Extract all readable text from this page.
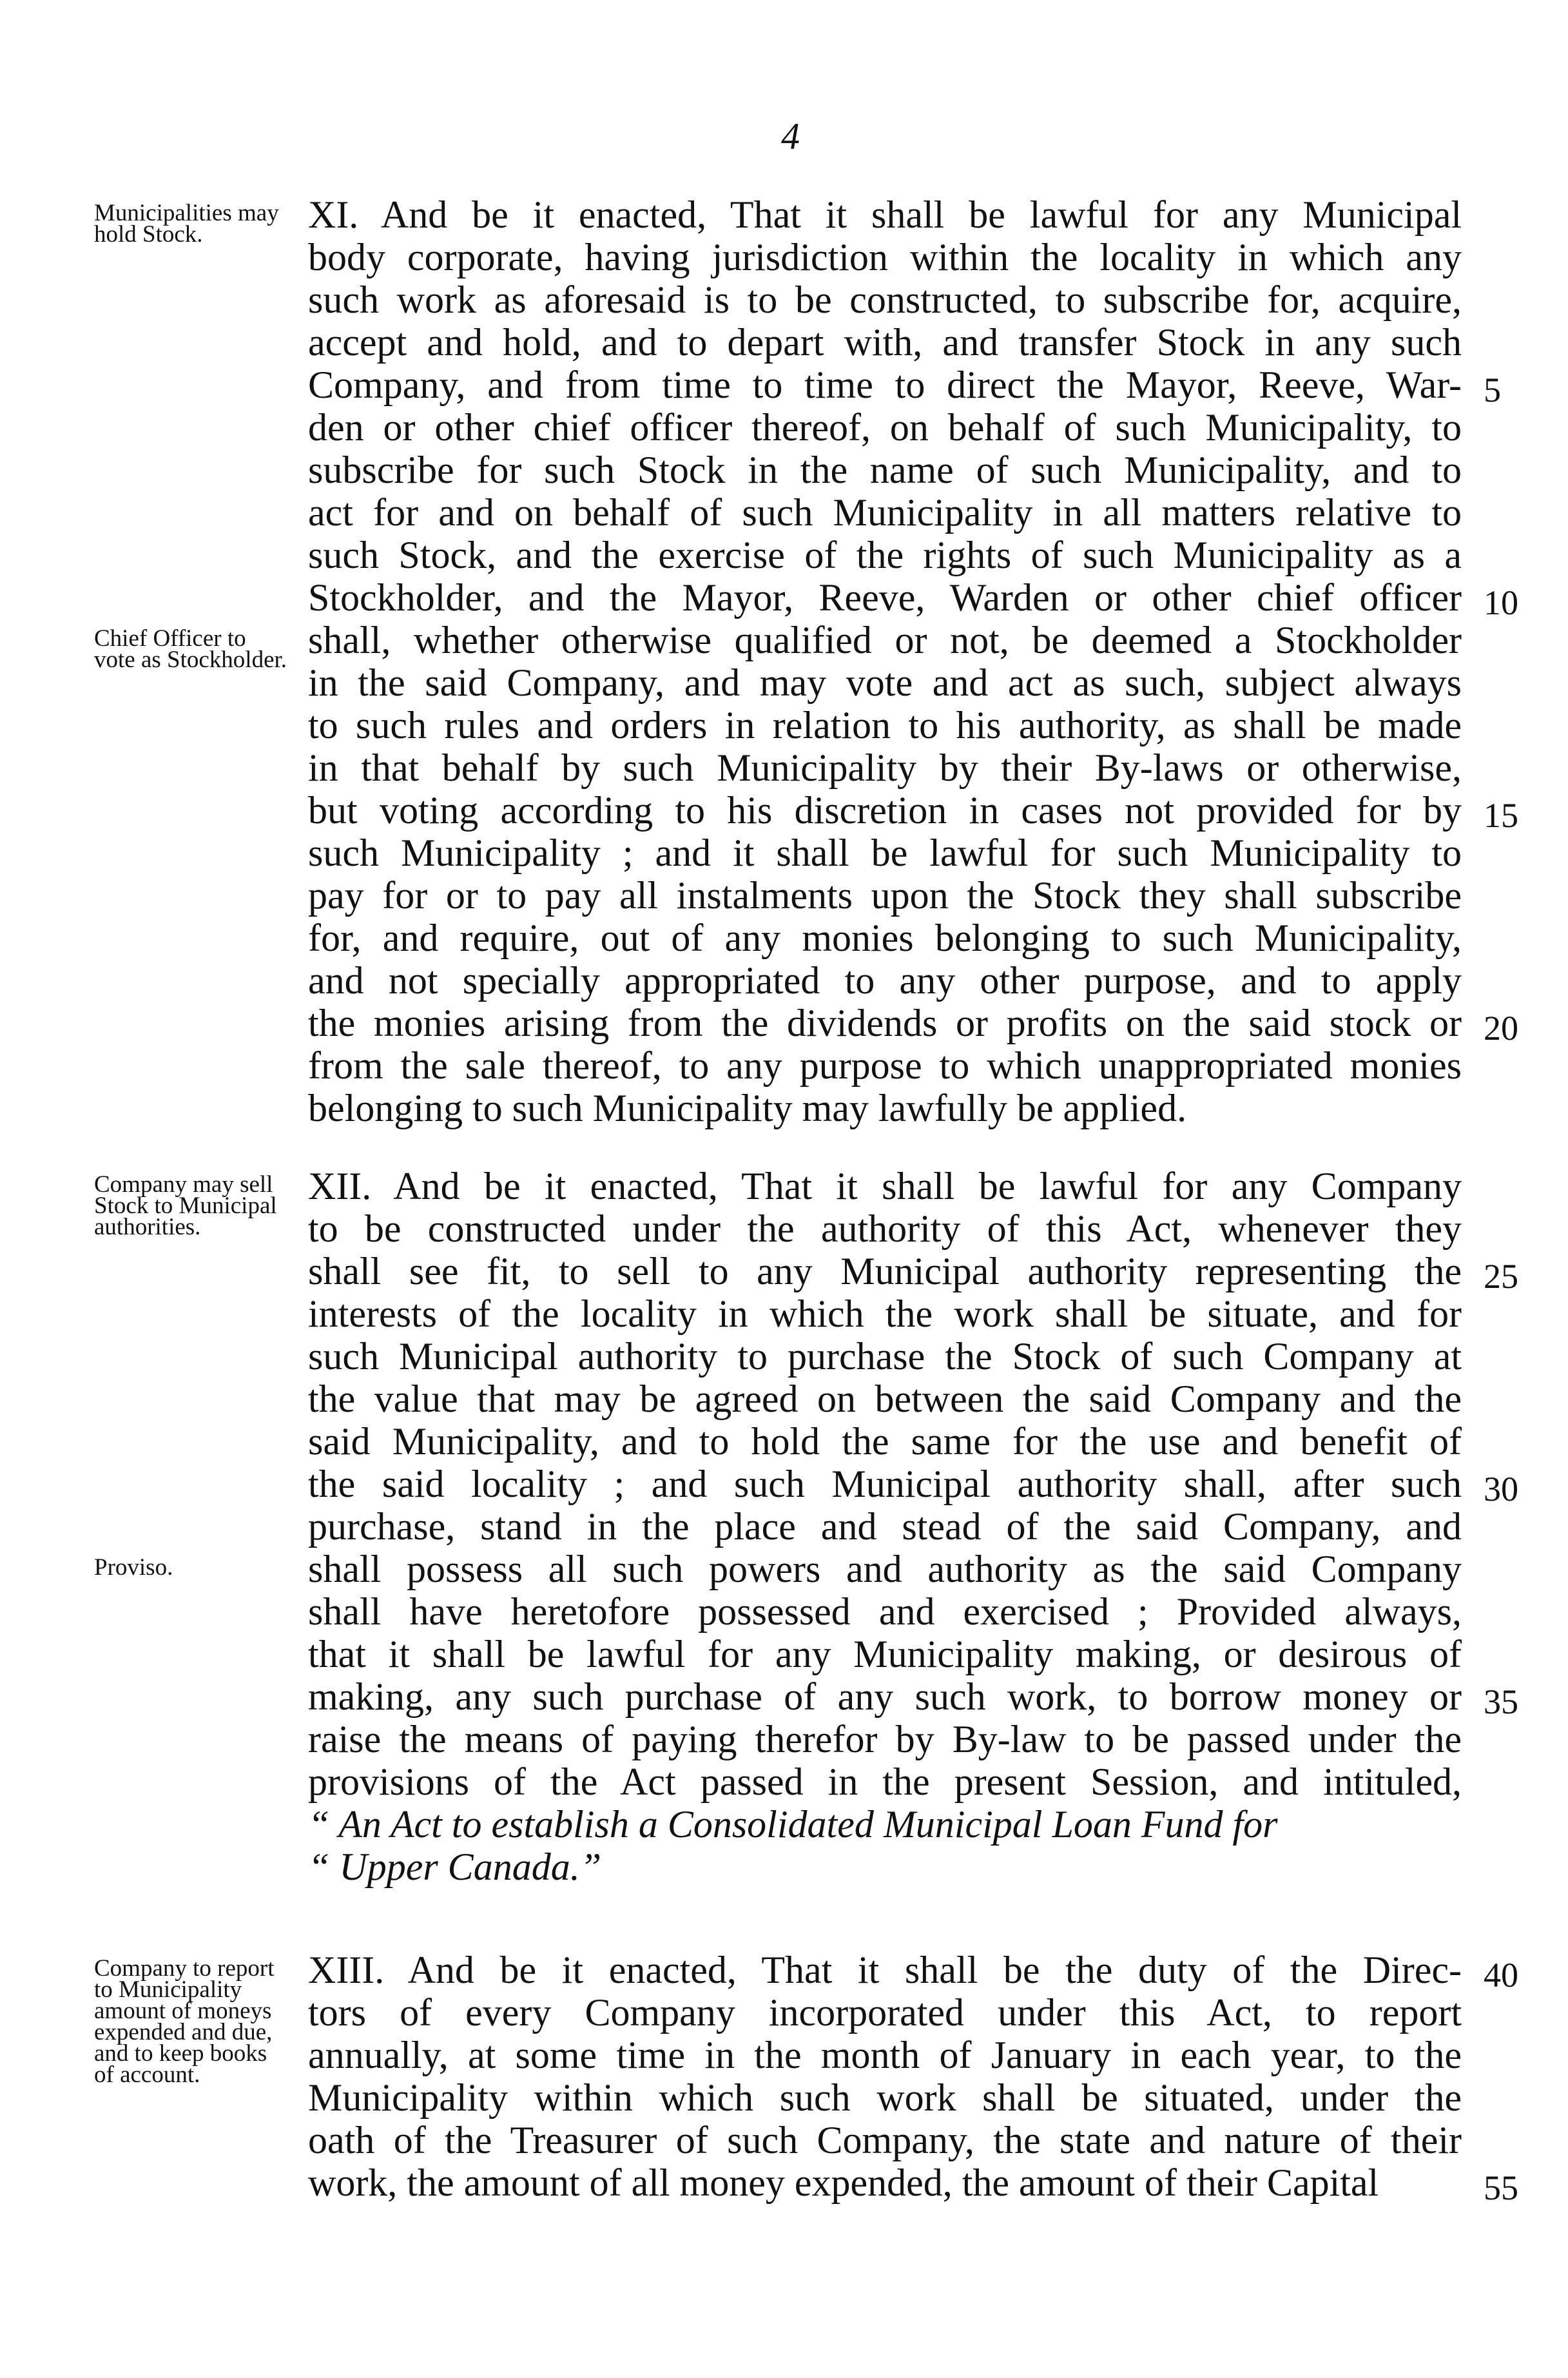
4
XI. And be it enacted, That it shall be lawful for any Municipal
body corporate, having jurisdiction within the locality in which any
such work as aforesaid is to be constructed, to subscribe for, acquire,
accept and hold, and to depart with, and transfer Stock in any such
Company, and from time to time to direct the Mayor, Reeve, War-
den or other chief officer thereof, on behalf of such Municipality, to
subscribe for such Stock in the name of such Municipality, and to
act for and on behalf of such Municipality in all matters relative to
such Stock, and the exercise of the rights of such Municipality as a
Stockholder, and the Mayor, Reeve, Warden or other chief officer
shall, whether otherwise qualified or not, be deemed a Stockholder
in the said Company, and may vote and act as such, subject always
to such rules and orders in relation to his authority, as shall be made
in that behalf by such Municipality by their By-laws or otherwise,
but voting according to his discretion in cases not provided for by
such Municipality ; and it shall be lawful for such Municipality to
pay for or to pay all instalments upon the Stock they shall subscribe
for, and require, out of any monies belonging to such Municipality,
and not specially appropriated to any other purpose, and to apply
the monies arising from the dividends or profits on the said stock or
from the sale thereof, to any purpose to which unappropriated monies
belonging to such Municipality may lawfully be applied.
Municipalities may hold Stock.
Chief Officer to vote as Stockholder.
5
10
15
20
XII. And be it enacted, That it shall be lawful for any Company
to be constructed under the authority of this Act, whenever they
shall see fit, to sell to any Municipal authority representing the
interests of the locality in which the work shall be situate, and for
such Municipal authority to purchase the Stock of such Company at
the value that may be agreed on between the said Company and the
said Municipality, and to hold the same for the use and benefit of
the said locality ; and such Municipal authority shall, after such
purchase, stand in the place and stead of the said Company, and
shall possess all such powers and authority as the said Company
shall have heretofore possessed and exercised ; Provided always,
that it shall be lawful for any Municipality making, or desirous of
making, any such purchase of any such work, to borrow money or
raise the means of paying therefor by By-law to be passed under the
provisions of the Act passed in the present Session, and intituled,
“ An Act to establish a Consolidated Municipal Loan Fund for
“ Upper Canada.”
Company may sell Stock to Municipal authorities.
Proviso.
25
30
35
XIII. And be it enacted, That it shall be the duty of the Direc-
tors of every Company incorporated under this Act, to report
annually, at some time in the month of January in each year, to the
Municipality within which such work shall be situated, under the
oath of the Treasurer of such Company, the state and nature of their
work, the amount of all money expended, the amount of their Capital
Company to report to Municipality amount of moneys expended and due, and to keep books of account.
40
55
